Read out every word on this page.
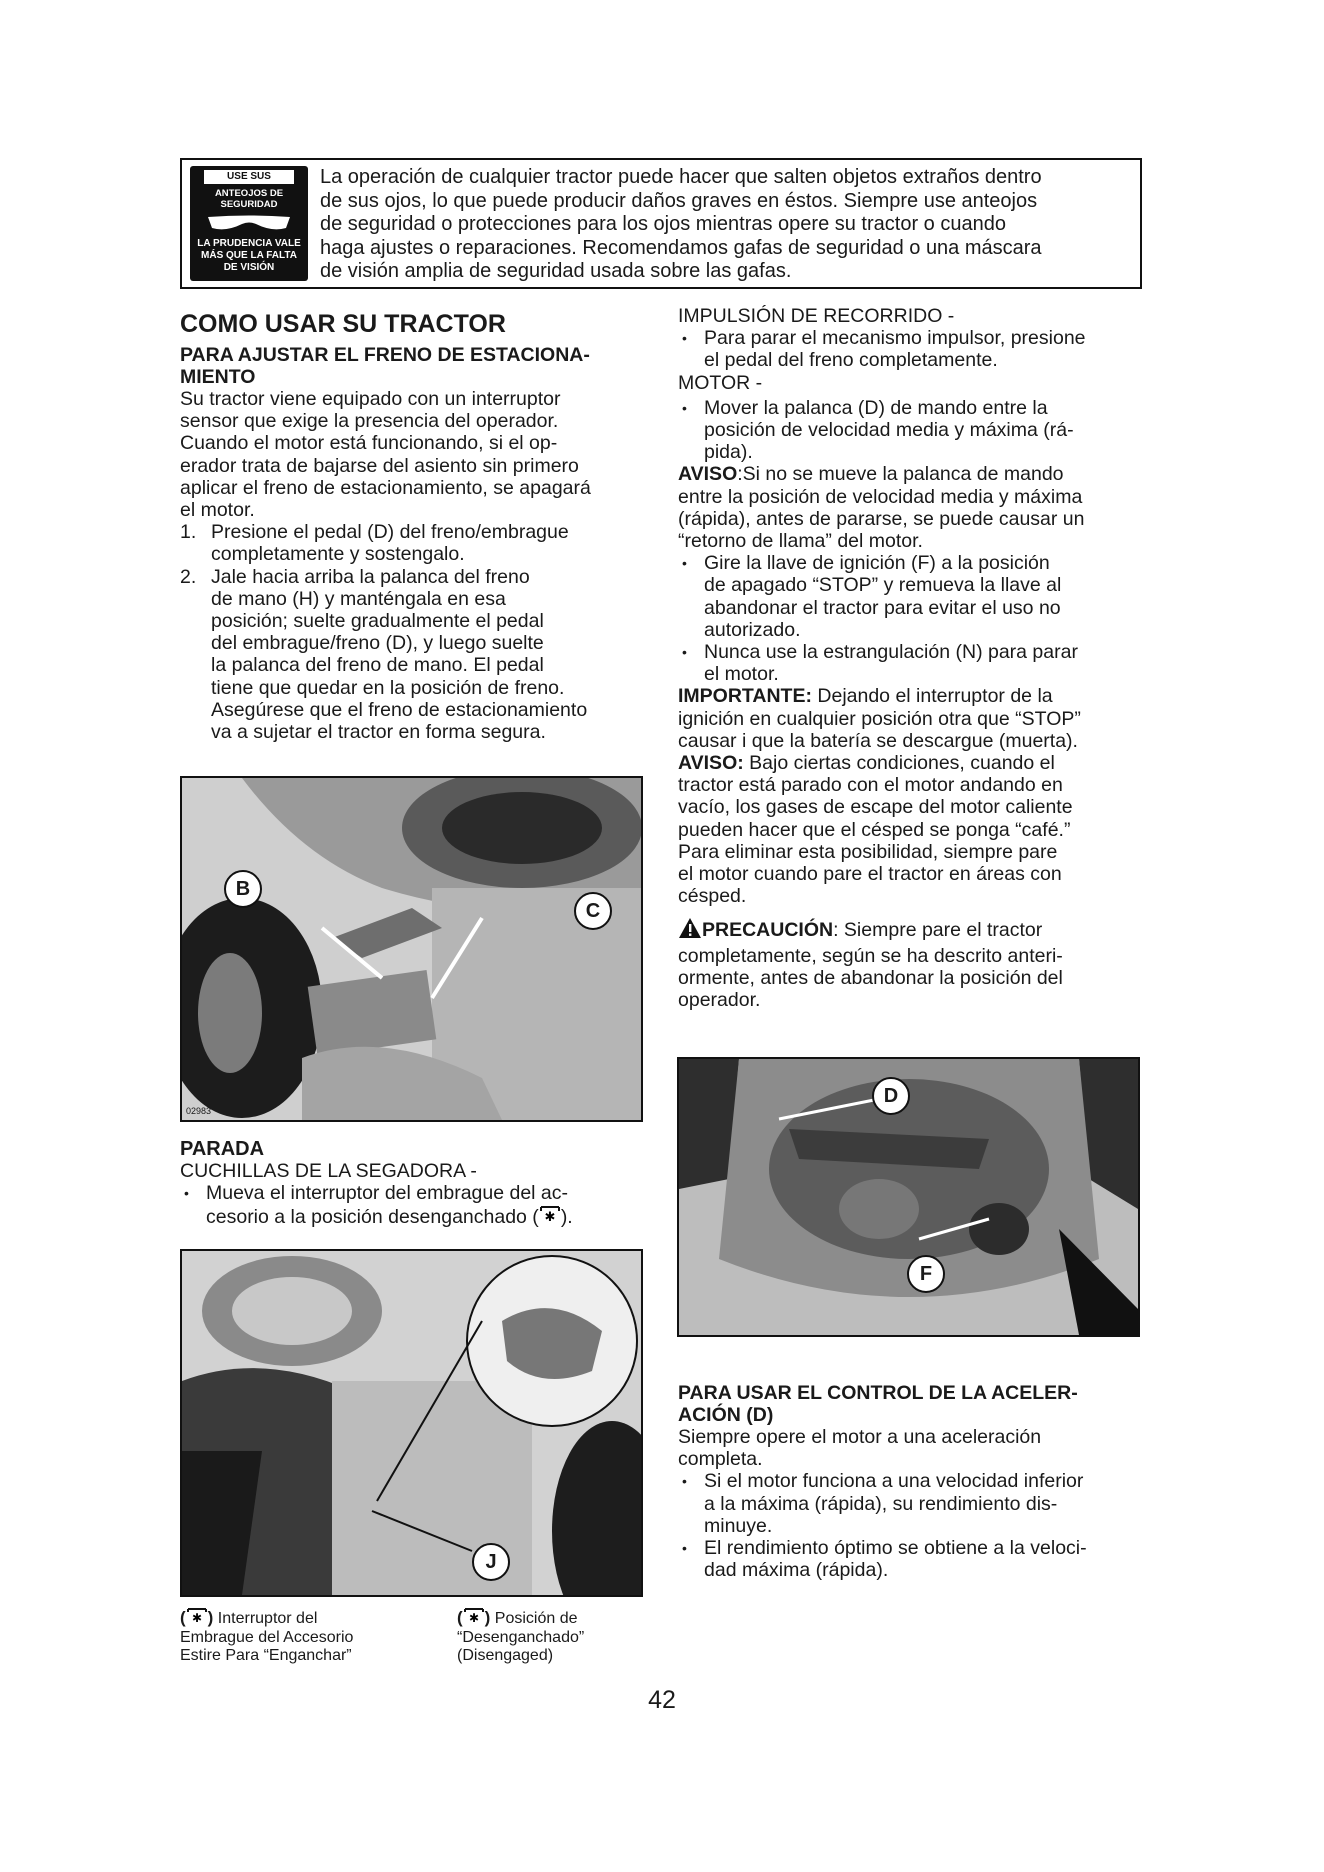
USE SUS
ANTEOJOS DE SEGURIDAD
LA PRUDENCIA VALE MÁS QUE LA FALTA DE VISIÓN
La operación de cualquier tractor puede hacer que salten objetos extraños dentro
de sus ojos, lo que puede producir daños graves en éstos. Siempre use anteojos
de seguridad o protecciones para los ojos mientras opere su tractor o cuando
haga ajustes o reparaciones. Recomendamos gafas de seguridad o una máscara
de visión amplia de seguridad usada sobre las gafas.
COMO USAR SU TRACTOR
PARA AJUSTAR EL FRENO DE ESTACIONA-
MIENTO

Su tractor viene equipado con un interruptor
sensor que exige la presencia del operador.
Cuando el motor está funcionando, si el op-
erador trata de bajarse del asiento sin primero
aplicar el freno de estacionamiento, se apagará
el motor.

1. Presione el pedal (D) del freno/embrague
completamente y sostengalo.
2. Jale hacia arriba la palanca del freno
de mano (H) y manténgala en esa
posición; suelte gradualmente el pedal
del embrague/freno (D), y luego suelte
la palanca del freno de mano. El pedal
tiene que quedar en la posición de freno.
Asegúrese que el freno de estacionamiento
va a sujetar el tractor en forma segura.
B
C
02983
PARADA
CUCHILLAS DE LA SEGADORA -
• Mueva el interruptor del embrague del ac-
cesorio a la posición desenganchado ( ✱ ).
J
( ✱ ) Interruptor del
Embrague del Accesorio
Estire Para “Enganchar”
( ✱ ) Posición de
“Desenganchado”
(Disengaged)
IMPULSIÓN DE RECORRIDO -
• Para parar el mecanismo impulsor, presione
el pedal del freno completamente.
MOTOR -
• Mover la palanca (D) de mando entre la
posición de velocidad media y máxima (rá-
pida).

AVISO:Si no se mueve la palanca de mando
entre la posición de velocidad media y máxima
(rápida), antes de pararse, se puede causar un
“retorno de llama” del motor.

• Gire la llave de ignición (F) a la posición
de apagado “STOP” y remueva la llave al
abandonar el tractor para evitar el uso no
autorizado.
• Nunca use la estrangulación (N) para parar
el motor.

IMPORTANTE: Dejando el interruptor de la
ignición en cualquier posición otra que “STOP”
causar i que la batería se descargue (muerta).

AVISO: Bajo ciertas condiciones, cuando el
tractor está parado con el motor andando en
vacío, los gases de escape del motor caliente
pueden hacer que el césped se ponga “café.”
Para eliminar esta posibilidad, siempre pare
el motor cuando pare el tractor en áreas con
césped.

PRECAUCIÓN: Siempre pare el tractor
completamente, según se ha descrito anteri-
ormente, antes de abandonar la posición del
operador.

D
F
PARA USAR EL CONTROL DE LA ACELER-
ACIÓN (D)

Siempre opere el motor a una aceleración
completa.

• Si el motor funciona a una velocidad inferior
a la máxima (rápida), su rendimiento dis-
minuye.
• El rendimiento óptimo se obtiene a la veloci-
dad máxima (rápida).
42
